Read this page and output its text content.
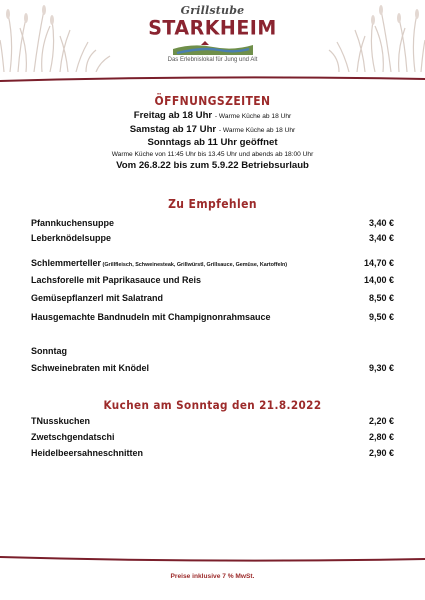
Grillstube
STARKHEIM
Das Erlebnislokal für Jung und Alt
ÖFFNUNGSZEITEN
Freitag ab 18 Uhr - Warme Küche ab 18 Uhr
Samstag ab 17 Uhr - Warme Küche ab 18 Uhr
Sonntags ab 11 Uhr geöffnet
Warme Küche von 11:45 Uhr bis 13.45 Uhr und abends ab 18:00 Uhr
Vom 26.8.22 bis zum 5.9.22 Betriebsurlaub
Zu Empfehlen
Pfannkuchensuppe	3,40 €
Leberknödelsuppe	3,40 €
Schlemmerteller (Grillfleisch, Schweinesteak, Grillwürstl, Grillsauce, Gemüse, Kartoffeln)	14,70 €
Lachsforelle mit Paprikasauce und Reis	14,00 €
Gemüsepflanzerl mit Salatrand	8,50 €
Hausgemachte Bandnudeln mit Champignonrahmsauce	9,50 €
Sonntag
Schweinebraten mit Knödel	9,30 €
Kuchen am Sonntag den 21.8.2022
TNusskuchen	2,20 €
Zwetschgendatschi	2,80 €
Heidelbeersahneschnitten	2,90 €
Preise inklusive 7 % MwSt.
